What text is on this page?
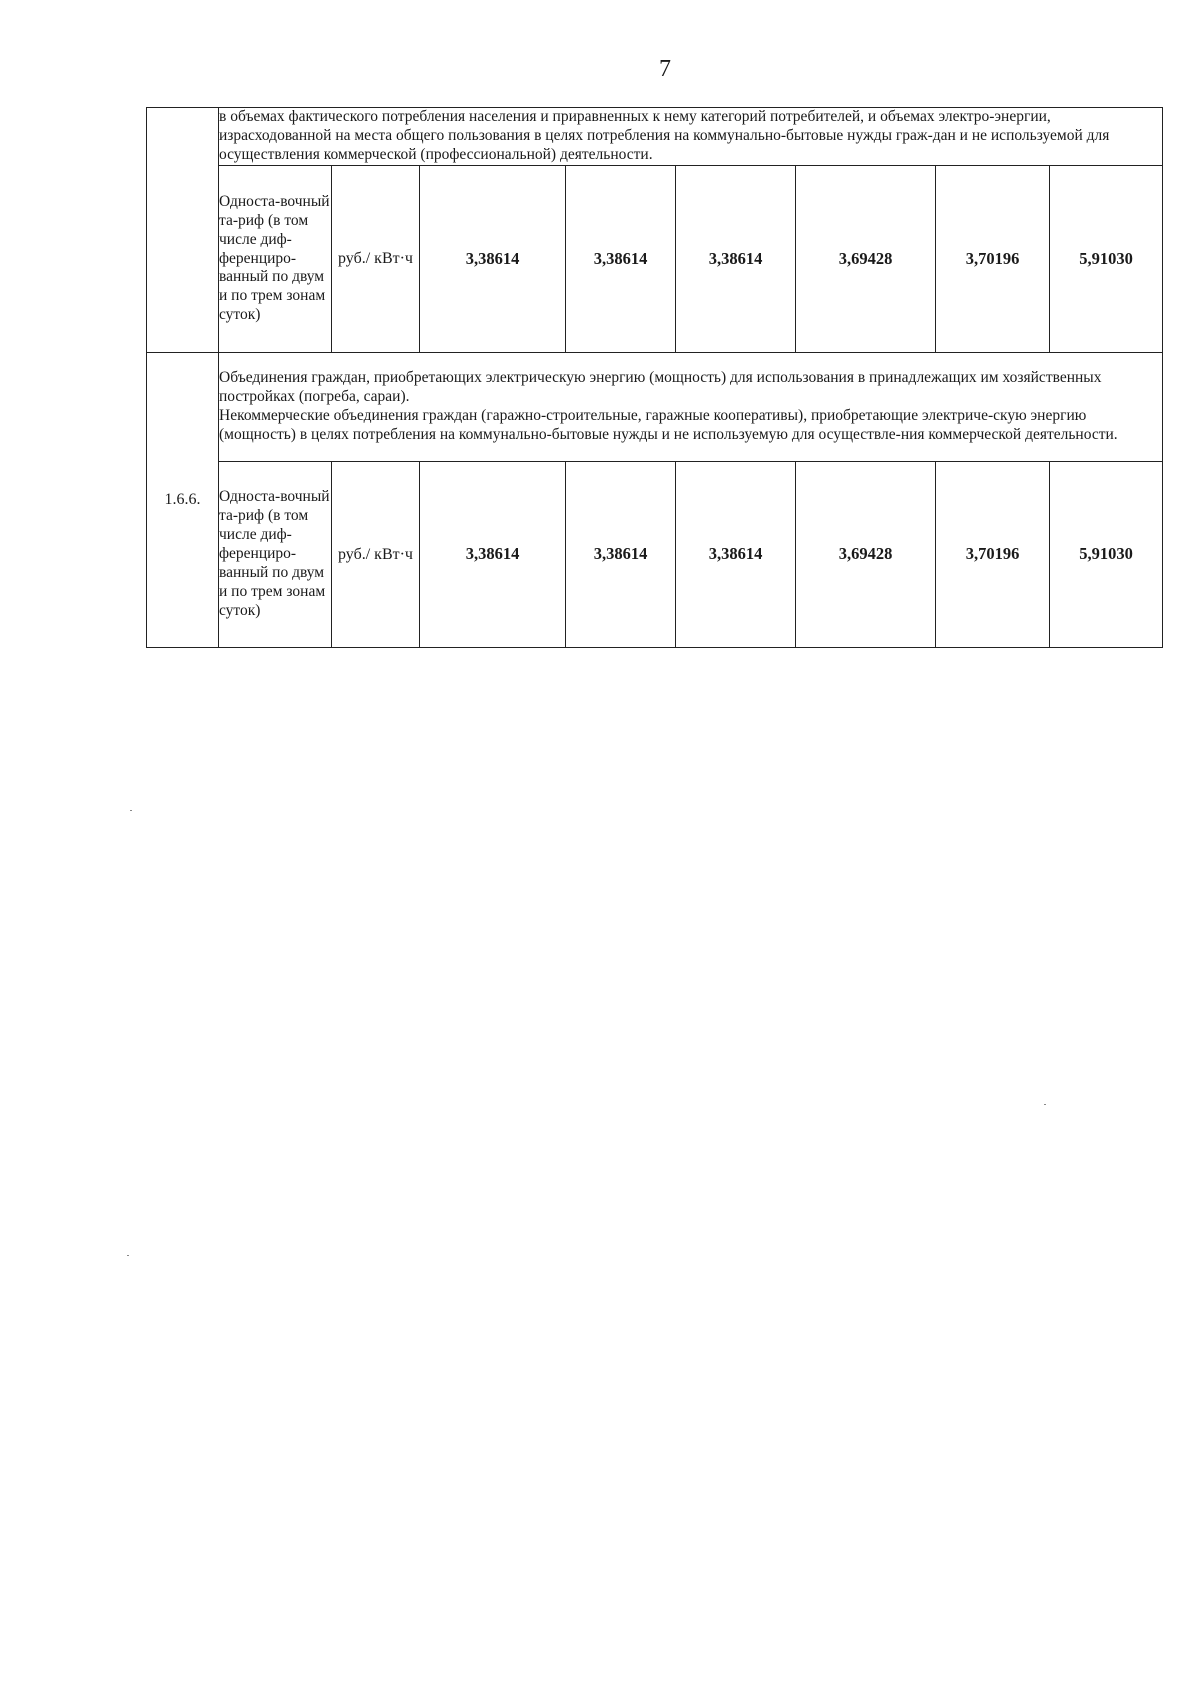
7

	в объемах фактического потребления населения и приравненных к нему категорий потребителей, и объемах электро-энергии, израсходованной на места общего пользования в целях потребления на коммунально-бытовые нужды граж-дан и не используемой для осуществления коммерческой (профессиональной) деятельности.							

	Односта-вочный та-риф (в том числе диф-ференциро-ванный по двум и по трем зонам суток)	руб./ кВт·ч	3,38614	3,38614	3,38614	3,69428	3,70196	5,91030
1.6.6.	Объединения граждан, приобретающих электрическую энергию (мощность) для использования в принадлежащих им хозяйственных постройках (погреба, сараи).

Некоммерческие объединения граждан (гаражно-строительные, гаражные кооперативы), приобретающие электриче-скую энергию (мощность) в целях потребления на коммунально-бытовые нужды и не используемую для осуществле-ния коммерческой деятельности.							

	Односта-вочный та-риф (в том числе диф-ференциро-ванный по двум и по трем зонам суток)	руб./ кВт·ч	3,38614	3,38614	3,38614	3,69428	3,70196	5,91030
